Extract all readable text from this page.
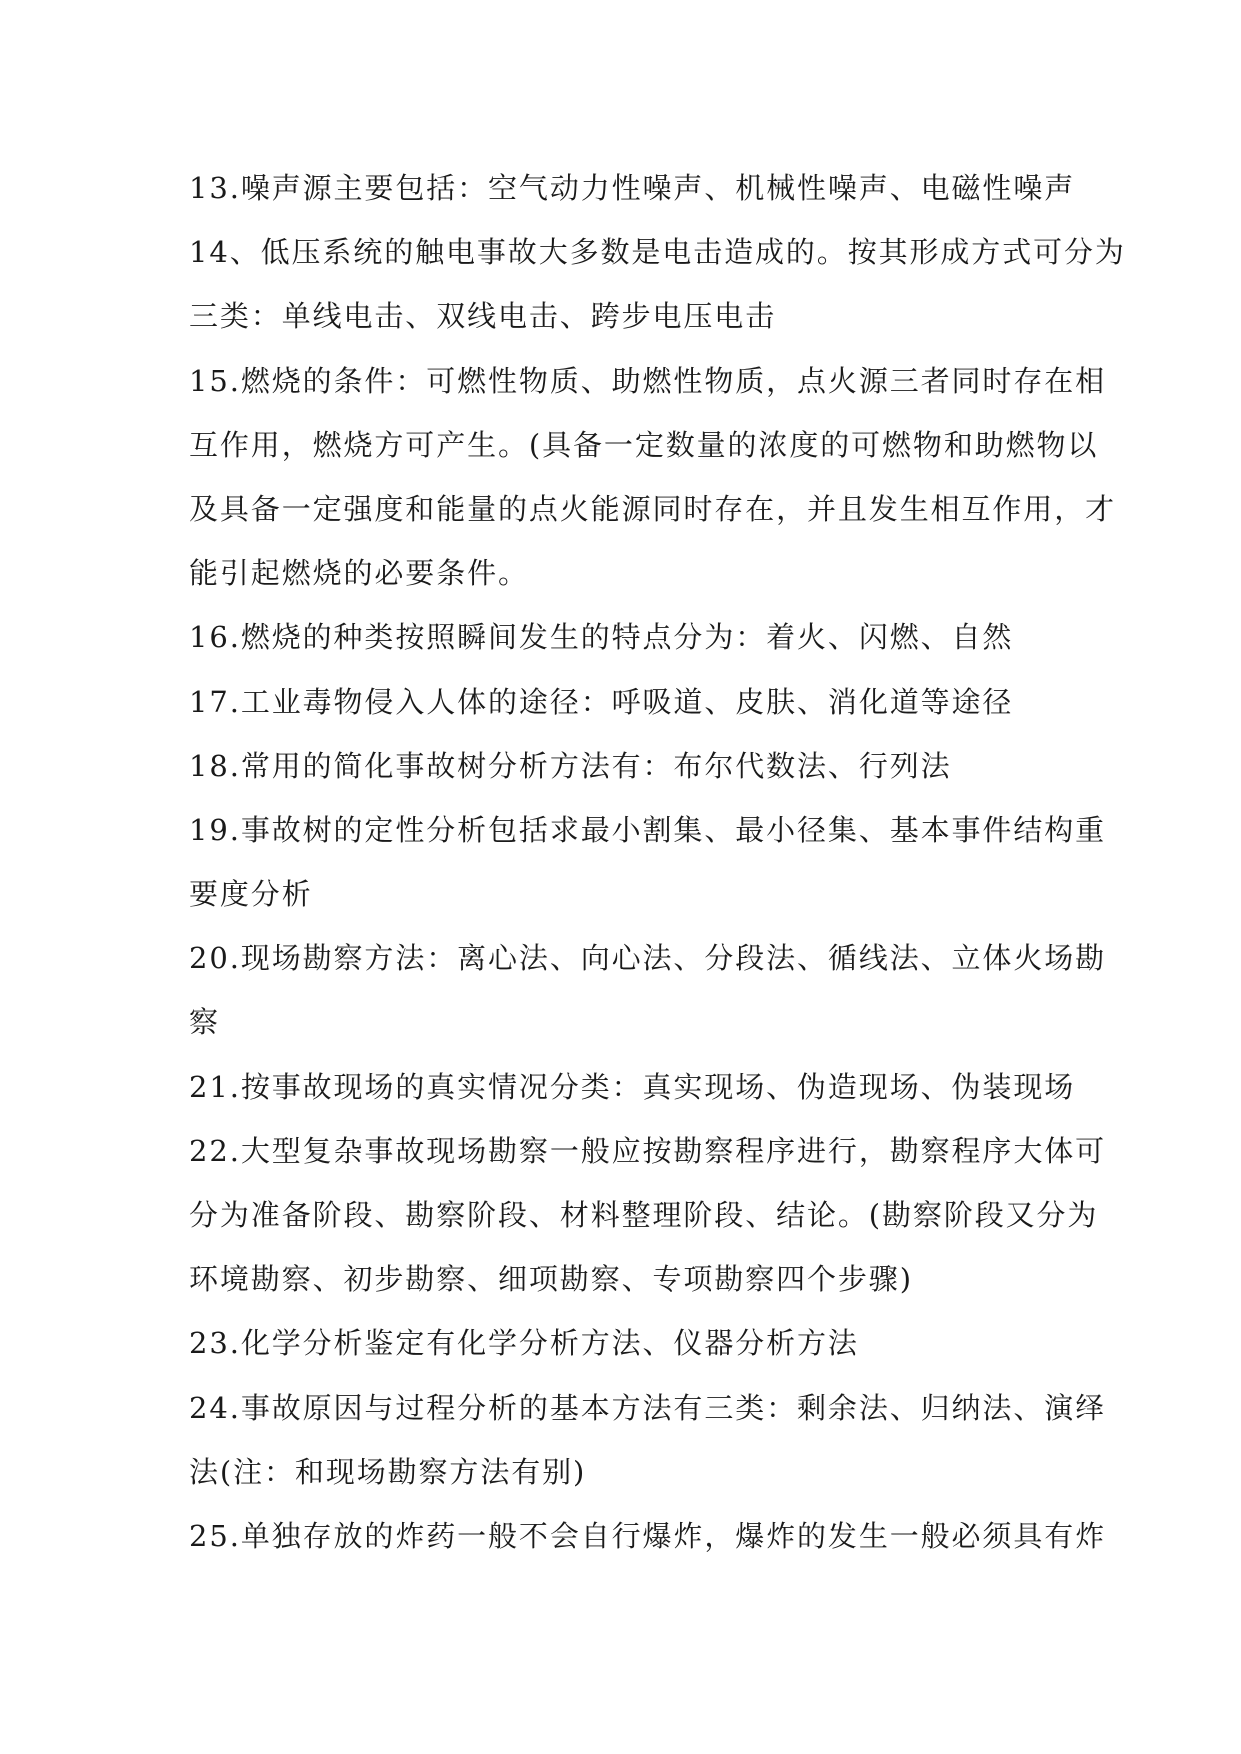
13.噪声源主要包括：空气动力性噪声、机械性噪声、电磁性噪声
14、低压系统的触电事故大多数是电击造成的。按其形成方式可分为
三类：单线电击、双线电击、跨步电压电击
15.燃烧的条件：可燃性物质、助燃性物质，点火源三者同时存在相
互作用，燃烧方可产生。(具备一定数量的浓度的可燃物和助燃物以
及具备一定强度和能量的点火能源同时存在，并且发生相互作用，才
能引起燃烧的必要条件。
16.燃烧的种类按照瞬间发生的特点分为：着火、闪燃、自然
17.工业毒物侵入人体的途径：呼吸道、皮肤、消化道等途径
18.常用的简化事故树分析方法有：布尔代数法、行列法
19.事故树的定性分析包括求最小割集、最小径集、基本事件结构重
要度分析
20.现场勘察方法：离心法、向心法、分段法、循线法、立体火场勘
察
21.按事故现场的真实情况分类：真实现场、伪造现场、伪装现场
22.大型复杂事故现场勘察一般应按勘察程序进行，勘察程序大体可
分为准备阶段、勘察阶段、材料整理阶段、结论。(勘察阶段又分为
环境勘察、初步勘察、细项勘察、专项勘察四个步骤)
23.化学分析鉴定有化学分析方法、仪器分析方法
24.事故原因与过程分析的基本方法有三类：剩余法、归纳法、演绎
法(注：和现场勘察方法有别)
25.单独存放的炸药一般不会自行爆炸，爆炸的发生一般必须具有炸
